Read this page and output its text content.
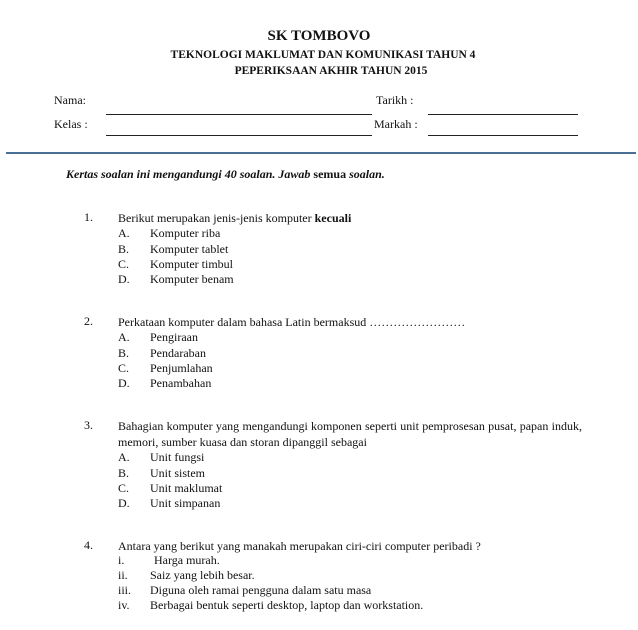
SK TOMBOVO
TEKNOLOGI MAKLUMAT DAN KOMUNIKASI TAHUN 4
PEPERIKSAAN AKHIR TAHUN 2015
Nama:	Tarikh :
Kelas :	Markah :
Kertas soalan ini mengandungi 40 soalan. Jawab semua soalan.
1. Berikut merupakan jenis-jenis komputer kecuali
A. Komputer riba
B. Komputer tablet
C. Komputer timbul
D. Komputer benam
2. Perkataan komputer dalam bahasa Latin bermaksud ……………………
A. Pengiraan
B. Pendaraban
C. Penjumlahan
D. Penambahan
3. Bahagian komputer yang mengandungi komponen seperti unit pemprosesan pusat, papan induk, memori, sumber kuasa dan storan dipanggil sebagai
A. Unit fungsi
B. Unit sistem
C. Unit maklumat
D. Unit simpanan
4. Antara yang berikut yang manakah merupakan ciri-ciri computer peribadi ?
i. Harga murah.
ii. Saiz yang lebih besar.
iii. Diguna oleh ramai pengguna dalam satu masa
iv. Berbagai bentuk seperti desktop, laptop dan workstation.
